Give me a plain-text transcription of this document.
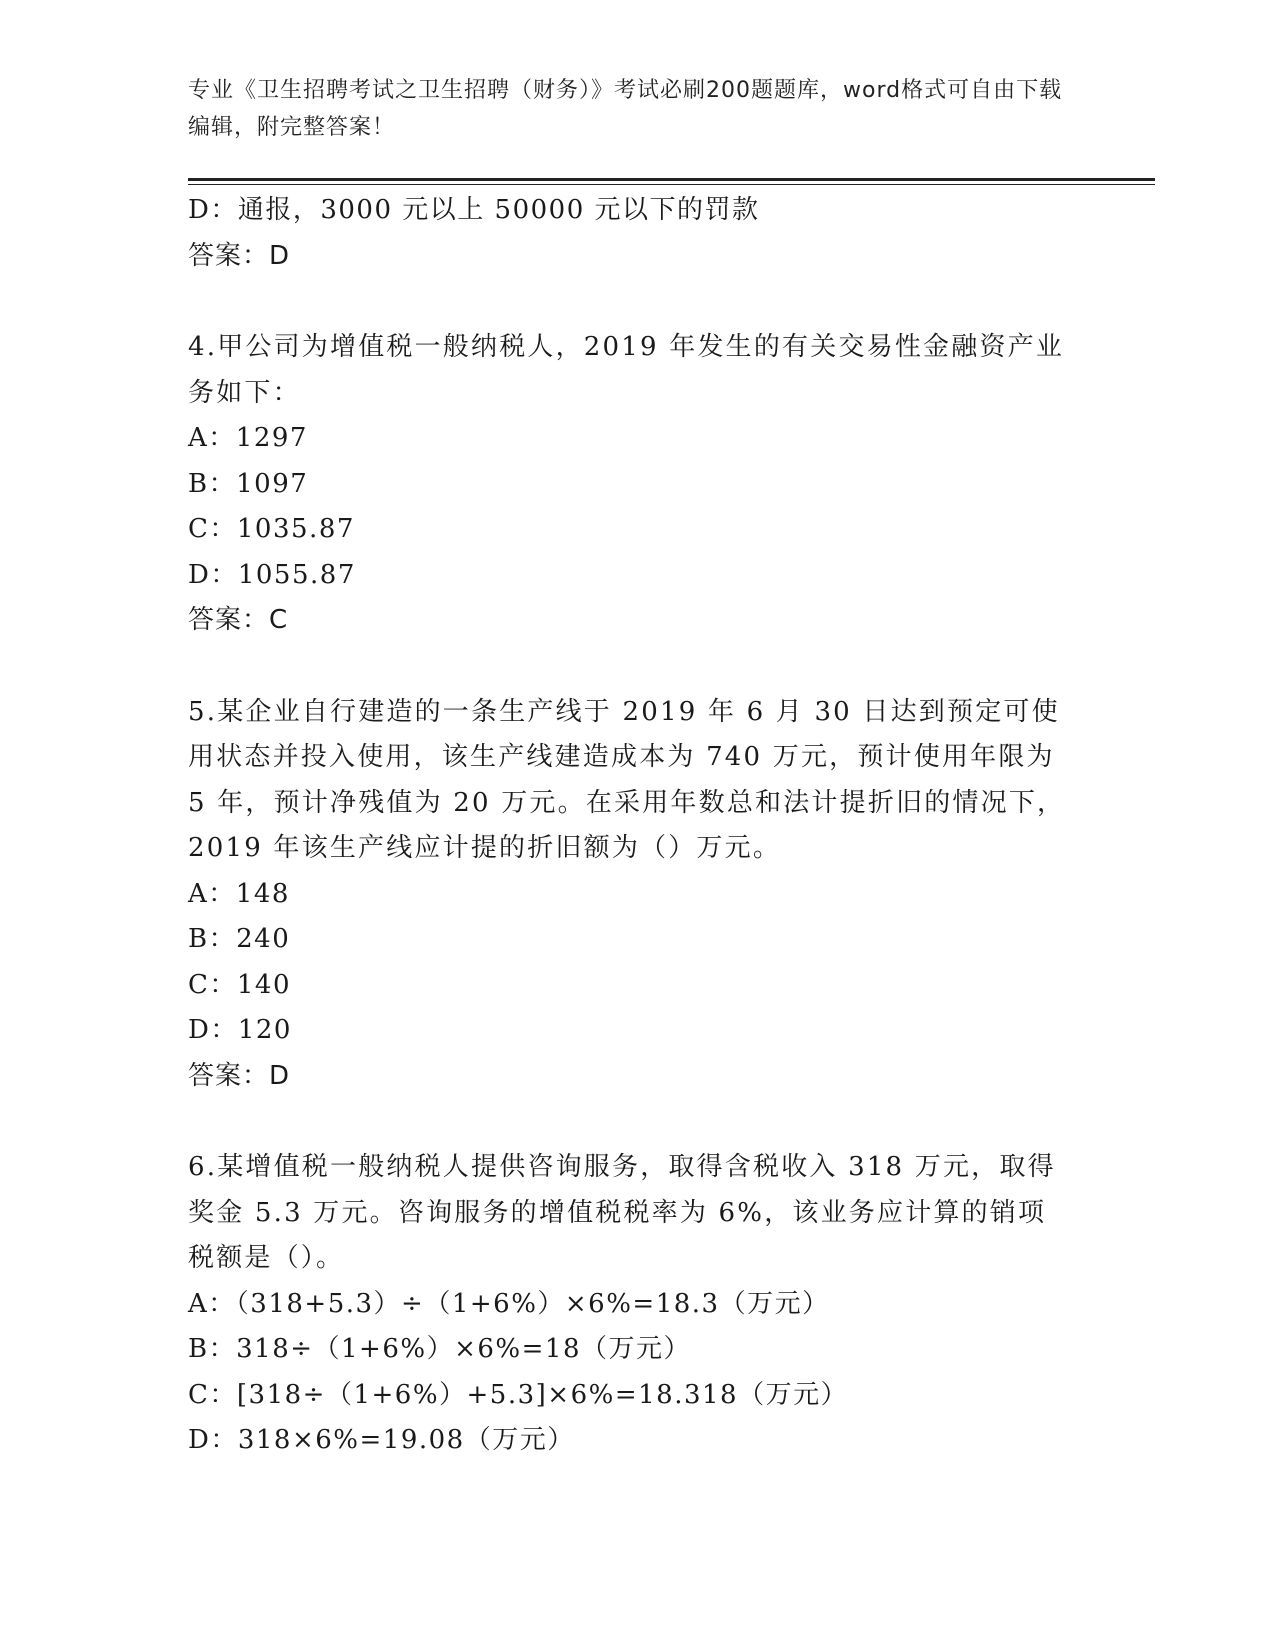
专业《卫生招聘考试之卫生招聘（财务）》考试必刷200题题库，word格式可自由下载编辑，附完整答案！
D：通报，3000 元以上 50000 元以下的罚款
答案：D
4.甲公司为增值税一般纳税人，2019 年发生的有关交易性金融资产业务如下：
A：1297
B：1097
C：1035.87
D：1055.87
答案：C
5.某企业自行建造的一条生产线于 2019 年 6 月 30 日达到预定可使用状态并投入使用，该生产线建造成本为 740 万元，预计使用年限为 5 年，预计净残值为 20 万元。在采用年数总和法计提折旧的情况下，2019 年该生产线应计提的折旧额为（）万元。
A：148
B：240
C：140
D：120
答案：D
6.某增值税一般纳税人提供咨询服务，取得含税收入 318 万元，取得奖金 5.3 万元。咨询服务的增值税税率为 6%，该业务应计算的销项税额是（）。
A：（318+5.3）÷（1+6%）×6%=18.3（万元）
B：318÷（1+6%）×6%=18（万元）
C：[318÷（1+6%）+5.3]×6%=18.318（万元）
D：318×6%=19.08（万元）
